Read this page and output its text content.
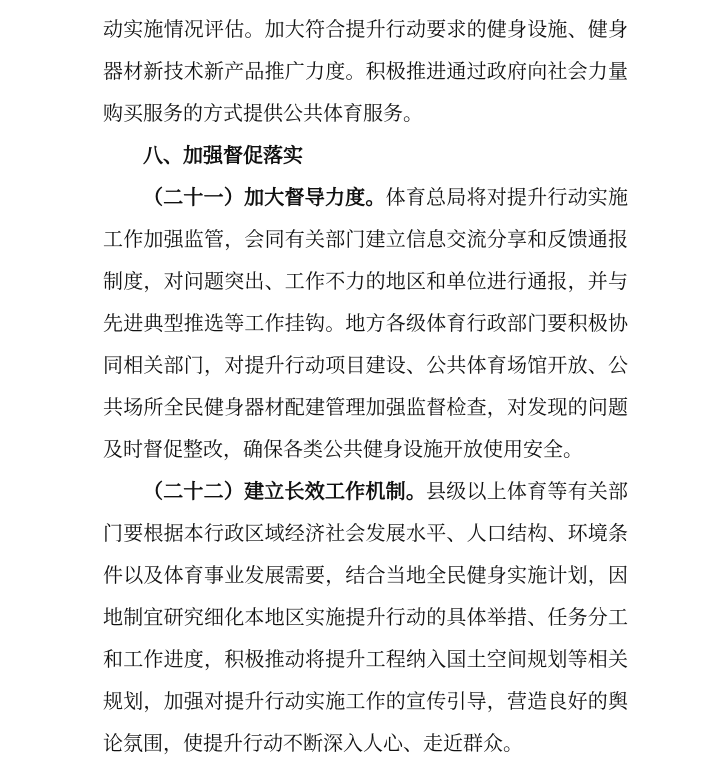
动实施情况评估。加大符合提升行动要求的健身设施、健身
器材新技术新产品推广力度。积极推进通过政府向社会力量
购买服务的方式提供公共体育服务。
八、加强督促落实
（二十一）加大督导力度。体育总局将对提升行动实施
工作加强监管，会同有关部门建立信息交流分享和反馈通报
制度，对问题突出、工作不力的地区和单位进行通报，并与
先进典型推选等工作挂钩。地方各级体育行政部门要积极协
同相关部门，对提升行动项目建设、公共体育场馆开放、公
共场所全民健身器材配建管理加强监督检查，对发现的问题
及时督促整改，确保各类公共健身设施开放使用安全。
（二十二）建立长效工作机制。县级以上体育等有关部
门要根据本行政区域经济社会发展水平、人口结构、环境条
件以及体育事业发展需要，结合当地全民健身实施计划，因
地制宜研究细化本地区实施提升行动的具体举措、任务分工
和工作进度，积极推动将提升工程纳入国土空间规划等相关
规划，加强对提升行动实施工作的宣传引导，营造良好的舆
论氛围，使提升行动不断深入人心、走近群众。
